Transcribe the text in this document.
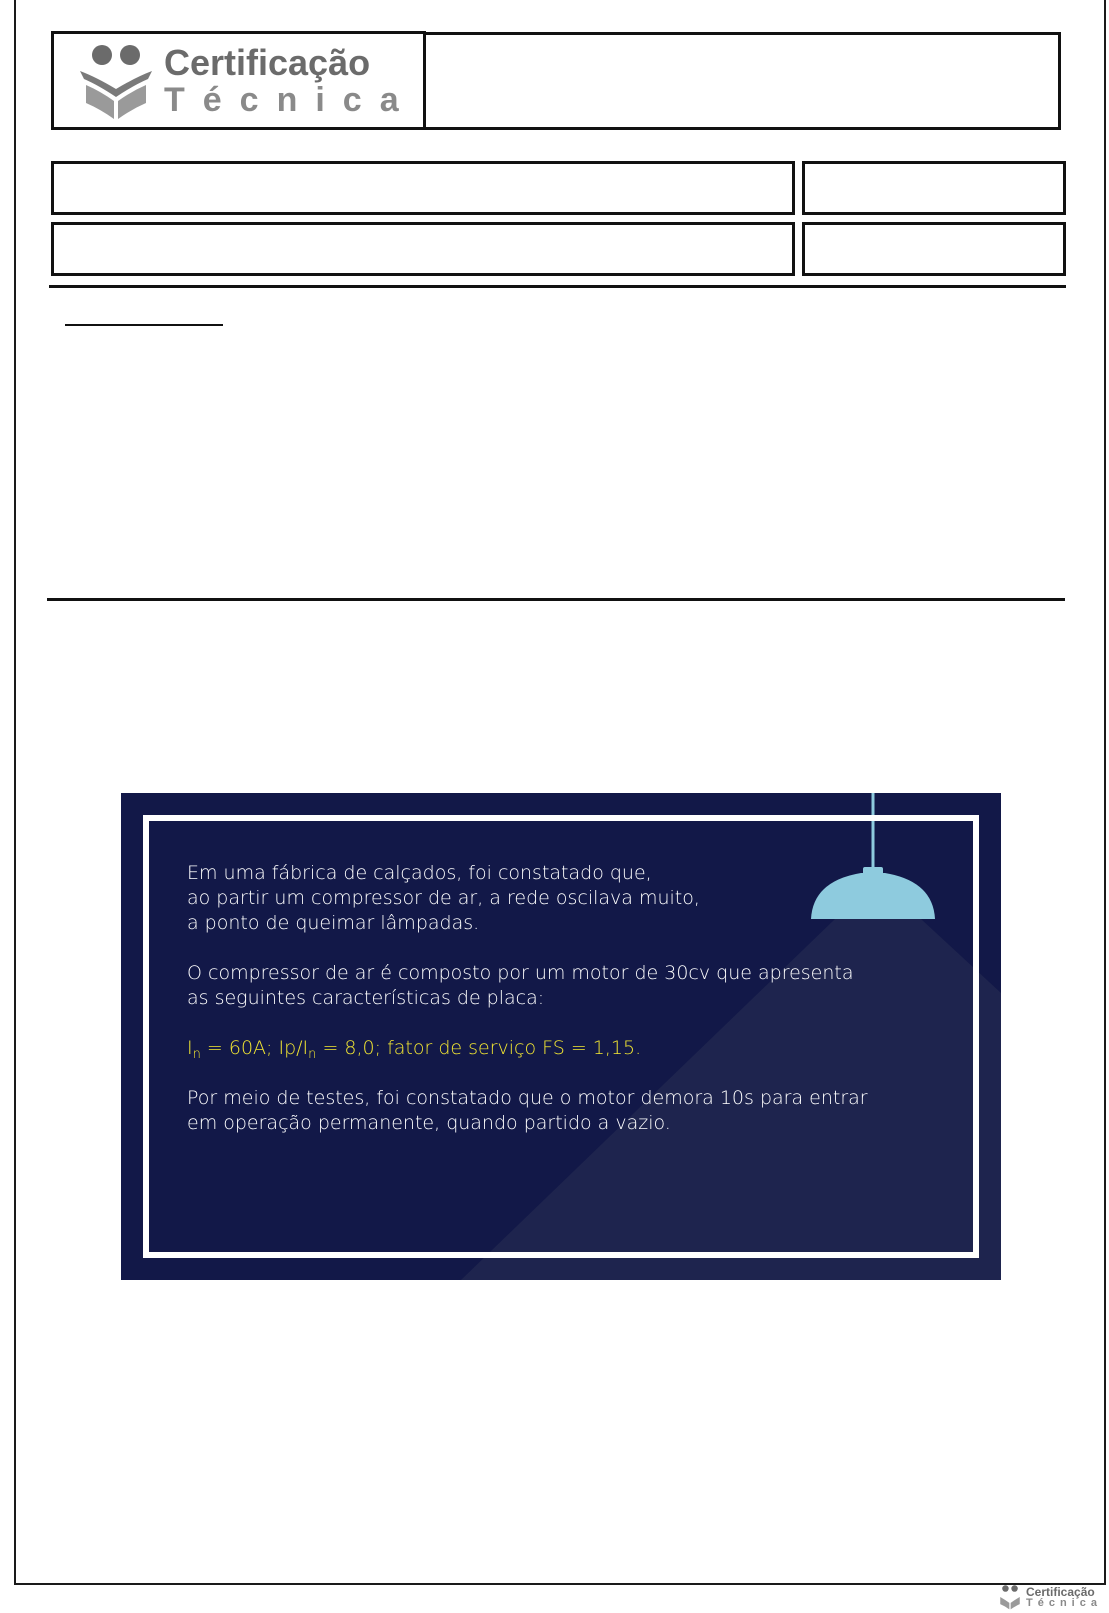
Certificação
Técnica

Em uma fábrica de calçados, foi constatado que,
ao partir um compressor de ar, a rede oscilava muito,
a ponto de queimar lâmpadas.

O compressor de ar é composto por um motor de 30cv que apresenta
as seguintes características de placa:

$I_n = 60A$; $Ip/I_n = 8,0$; fator de serviço FS = 1,15.

Por meio de testes, foi constatado que o motor demora 10s para entrar
em operação permanente, quando partido a vazio.

Certificação
Técnica
